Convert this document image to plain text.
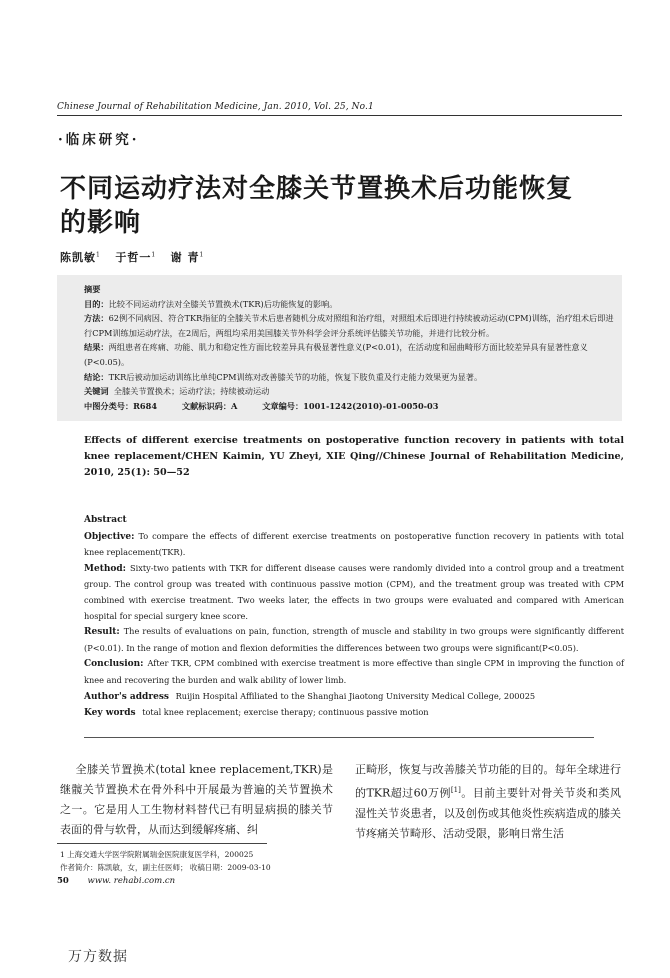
Chinese Journal of Rehabilitation Medicine, Jan. 2010, Vol. 25, No.1
·临床研究·
不同运动疗法对全膝关节置换术后功能恢复的影响
陈凯敏$^1$ 于哲一$^1$ 谢 青$^1$

摘要

目的：比较不同运动疗法对全膝关节置换术(TKR)后功能恢复的影响。

方法：62例不同病因、符合TKR指征的全膝关节术后患者随机分成对照组和治疗组，对照组术后即进行持续被动运动(CPM)训练，治疗组术后即进行CPM训练加运动疗法，在2周后，两组均采用美国膝关节外科学会评分系统评估膝关节功能，并进行比较分析。

结果：两组患者在疼痛、功能、肌力和稳定性方面比较差异具有极显著性意义(P<0.01)，在活动度和屈曲畸形方面比较差异具有显著性意义(P<0.05)。

结论：TKR后被动加运动训练比单纯CPM训练对改善膝关节的功能，恢复下肢负重及行走能力效果更为显著。

关键词 全膝关节置换术；运动疗法；持续被动运动

中图分类号：R684	文献标识码：A	文章编号：1001-1242(2010)-01-0050-03

Effects of different exercise treatments on postoperative function recovery in patients with total knee replacement/CHEN Kaimin, YU Zheyi, XIE Qing//Chinese Journal of Rehabilitation Medicine, 2010, 25(1): 50—52

Abstract

Objective: To compare the effects of different exercise treatments on postoperative function recovery in patients with total knee replacement(TKR).

Method: Sixty-two patients with TKR for different disease causes were randomly divided into a control group and a treatment group. The control group was treated with continuous passive motion (CPM), and the treatment group was treated with CPM combined with exercise treatment. Two weeks later, the effects in two groups were evaluated and compared with American hospital for special surgery knee score.

Result: The results of evaluations on pain, function, strength of muscle and stability in two groups were significantly different (P<0.01). In the range of motion and flexion deformities the differences between two groups were significant(P<0.05).

Conclusion: After TKR, CPM combined with exercise treatment is more effective than single CPM in improving the function of knee and recovering the burden and walk ability of lower limb.

Author's address Ruijin Hospital Affiliated to the Shanghai Jiaotong University Medical College, 200025

Key words total knee replacement; exercise therapy; continuous passive motion

全膝关节置换术(total knee replacement,TKR)是继髋关节置换术在骨外科中开展最为普遍的关节置换术之一。它是用人工生物材料替代已有明显病损的膝关节表面的骨与软骨，从而达到缓解疼痛、纠

正畸形，恢复与改善膝关节功能的目的。每年全球进行的TKR超过60万例[1]。目前主要针对骨关节炎和类风湿性关节炎患者，以及创伤或其他炎性疾病造成的膝关节疼痛关节畸形、活动受限，影响日常生活

1 上海交通大学医学院附属瑞金医院康复医学科，200025
作者简介：陈凯敏，女，副主任医师； 收稿日期：2009-03-10
50 www. rehabi.com.cn
万方数据
